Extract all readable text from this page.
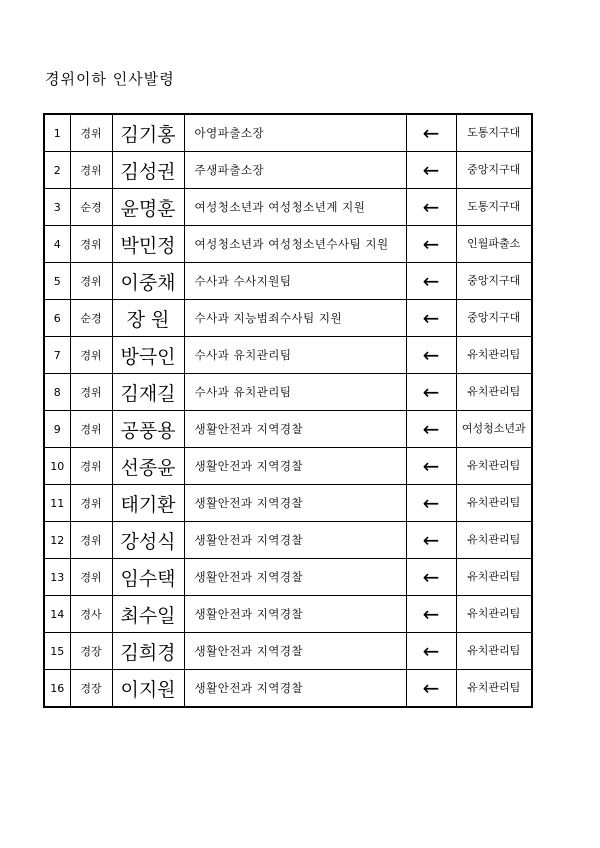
경위이하 인사발령
1	경위	김기홍	아영파출소장	←	도통지구대
2	경위	김성권	주생파출소장	←	중앙지구대
3	순경	윤명훈	여성청소년과 여성청소년계 지원	←	도통지구대
4	경위	박민정	여성청소년과 여성청소년수사팀 지원	←	인월파출소
5	경위	이중채	수사과 수사지원팀	←	중앙지구대
6	순경	장 원	수사과 지능범죄수사팀 지원	←	중앙지구대
7	경위	방극인	수사과 유치관리팀	←	유치관리팀
8	경위	김재길	수사과 유치관리팀	←	유치관리팀
9	경위	공풍용	생활안전과 지역경찰	←	여성청소년과
10	경위	선종윤	생활안전과 지역경찰	←	유치관리팀
11	경위	태기환	생활안전과 지역경찰	←	유치관리팀
12	경위	강성식	생활안전과 지역경찰	←	유치관리팀
13	경위	임수택	생활안전과 지역경찰	←	유치관리팀
14	경사	최수일	생활안전과 지역경찰	←	유치관리팀
15	경장	김희경	생활안전과 지역경찰	←	유치관리팀
16	경장	이지원	생활안전과 지역경찰	←	유치관리팀
